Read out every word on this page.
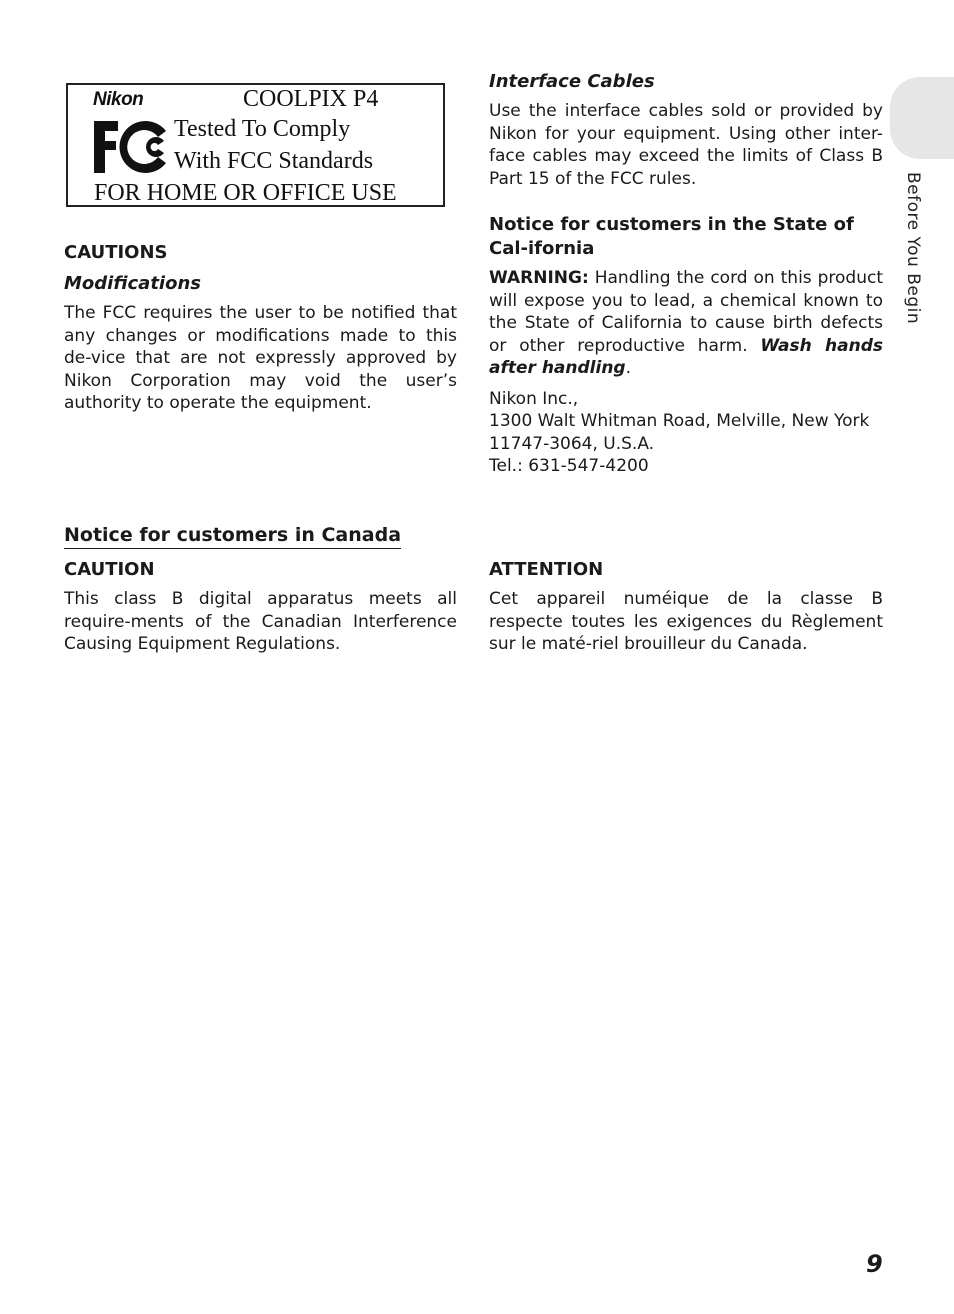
Nikon	COOLPIX P4
Tested To Comply
With FCC Standards
FOR HOME OR OFFICE USE
CAUTIONS
Modifications

The FCC requires the user to be notified that any changes or modifications made to this de-vice that are not expressly approved by Nikon Corporation may void the user’s authority to operate the equipment.

Interface Cables

Use the interface cables sold or provided by Nikon for your equipment. Using other inter-face cables may exceed the limits of Class B Part 15 of the FCC rules.

Notice for customers in the State of Cal-ifornia

WARNING: Handling the cord on this product will expose you to lead, a chemical known to the State of California to cause birth defects or other reproductive harm. Wash hands after handling.

Nikon Inc.,
1300 Walt Whitman Road, Melville, New York
11747-3064, U.S.A.
Tel.: 631-547-4200
Notice for customers in Canada
CAUTION

This class B digital apparatus meets all require-ments of the Canadian Interference Causing Equipment Regulations.

ATTENTION

Cet appareil numéique de la classe B respecte toutes les exigences du Règlement sur le maté-riel brouilleur du Canada.

Before You Begin
9
